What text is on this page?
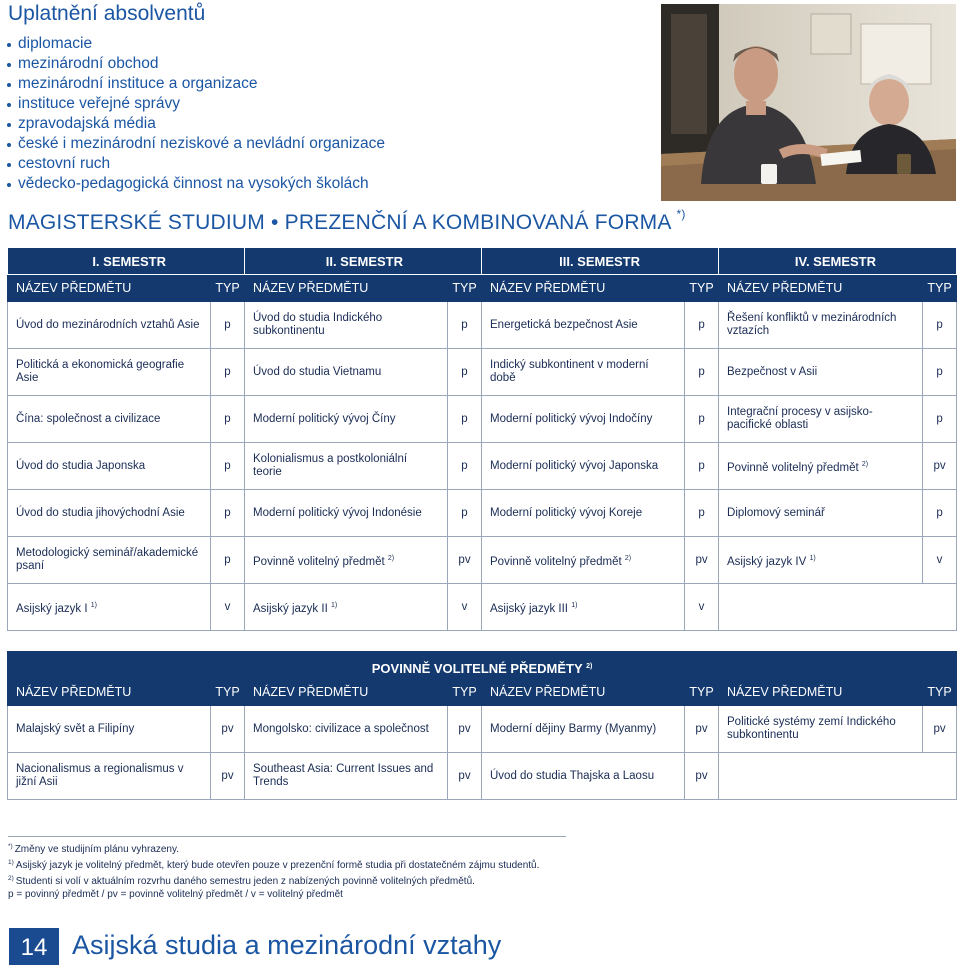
Uplatnění absolventů
diplomacie
mezinárodní obchod
mezinárodní instituce a organizace
instituce veřejné správy
zpravodajská média
české i mezinárodní neziskové a nevládní organizace
cestovní ruch
vědecko-pedagogická činnost na vysokých školách
MAGISTERSKÉ STUDIUM • PREZENČNÍ A KOMBINOVANÁ FORMA *)
I. SEMESTR		II. SEMESTR		III. SEMESTR		IV. SEMESTR	
NÁZEV PŘEDMĚTU	TYP	NÁZEV PŘEDMĚTU	TYP	NÁZEV PŘEDMĚTU	TYP	NÁZEV PŘEDMĚTU	TYP
Úvod do mezinárodních vztahů Asie	p	Úvod do studia Indického subkontinentu	p	Energetická bezpečnost Asie	p	Řešení konfliktů v mezinárodních vztazích	p
Politická a ekonomická geografie Asie	p	Úvod do studia Vietnamu	p	Indický subkontinent v moderní době	p	Bezpečnost v Asii	p
Čína: společnost a civilizace	p	Moderní politický vývoj Číny	p	Moderní politický vývoj Indočíny	p	Integrační procesy v asijsko-pacifické oblasti	p
Úvod do studia Japonska	p	Kolonialismus a postkoloniální teorie	p	Moderní politický vývoj Japonska	p	Povinně volitelný předmět $^{2)}$	pv
Úvod do studia jihovýchodní Asie	p	Moderní politický vývoj Indonésie	p	Moderní politický vývoj Koreje	p	Diplomový seminář	p
Metodologický seminář/akademické psaní	p	Povinně volitelný předmět $^{2)}$	pv	Povinně volitelný předmět $^{2)}$	pv	Asijský jazyk IV $^{1)}$	v
Asijský jazyk I $^{1)}$	v	Asijský jazyk II $^{1)}$	v	Asijský jazyk III $^{1)}$	v		
POVINNĚ VOLITELNÉ PŘEDMĚTY $^{2)}$
NÁZEV PŘEDMĚTU	TYP	NÁZEV PŘEDMĚTU	TYP	NÁZEV PŘEDMĚTU	TYP	NÁZEV PŘEDMĚTU	TYP
Malajský svět a Filipíny	pv	Mongolsko: civilizace a společnost	pv	Moderní dějiny Barmy (Myanmy)	pv	Politické systémy zemí Indického subkontinentu	pv
Nacionalismus a regionalismus v jižní Asii	pv	Southeast Asia: Current Issues and Trends	pv	Úvod do studia Thajska a Laosu	pv		
*) Změny ve studijním plánu vyhrazeny.
$^{1)}$ Asijský jazyk je volitelný předmět, který bude otevřen pouze v prezenční formě studia při dostatečném zájmu studentů.
$^{2)}$ Studenti si volí v aktuálním rozvrhu daného semestru jeden z nabízených povinně volitelných předmětů.
p = povinný předmět / pv = povinně volitelný předmět / v = volitelný předmět
14 Asijská studia a mezinárodní vztahy
